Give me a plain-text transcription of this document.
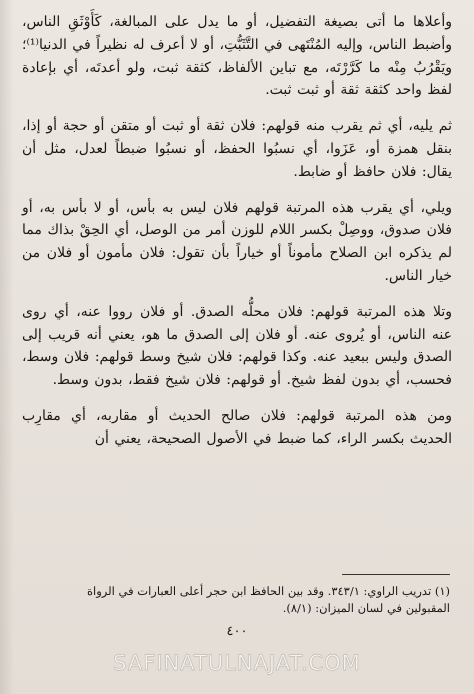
وأعلاها ما أتى بصيغة التفضيل، أو ما يدل على المبالغة، كَأَوْثَقِ الناس، وأضبط الناس، وإليه المُنْتَهى في التَّثَبُّتِ، أو لا أعرف له نظيراً في الدنيا⁽¹⁾؛ ويَقْرُبُ مِنْه ما كَرَّرْتَه، مع تباين الألفاظ، كثقة ثبت، ولو أعدتَه، أي بإعادة لفظ واحد كثقة ثقة أو ثبت ثبت.

ثم يليه، أي ثم يقرب منه قولهم: فلان ثقة أو ثبت أو متقن أو حجة أو إذا، بنقل همزة أو، عَزَوا، أي نسبُوا الحفظ، أو نسبُوا ضبطاً لعدل، مثل أن يقال: فلان حافظ أو ضابط.

ويلي، أي يقرب هذه المرتبة قولهم فلان ليس به بأس، أو لا بأس به، أو فلان صدوق، ووصِلْ بكسر اللام للوزن أمر من الوصل، أي الحِقْ بذاك مما لم يذكره ابن الصلاح مأموناً أو خياراً بأن تقول: فلان مأمون أو فلان من خيار الناس.

وتلا هذه المرتبة قولهم: فلان محلُّه الصدق. أو فلان رووا عنه، أي روى عنه الناس، أو يُروى عنه. أو فلان إلى الصدق ما هو، يعني أنه قريب إلى الصدق وليس ببعيد عنه. وكذا قولهم: فلان شيخ وسط قولهم: فلان وسط، فحسب، أي بدون لفظ شيخ. أو قولهم: فلان شيخ فقط، بدون وسط.

ومن هذه المرتبة قولهم: فلان صالح الحديث أو مقاربه، أي مقارِب الحديث بكسر الراء، كما ضبط في الأصول الصحيحة، يعني أن

(١) تدريب الراوي: ٣٤٣/١. وقد بين الحافظ ابن حجر أعلى العبارات في الرواة
المقبولين في لسان الميزان: (٨/١).
٤٠٠
SAFINATULNAJAT.COM
